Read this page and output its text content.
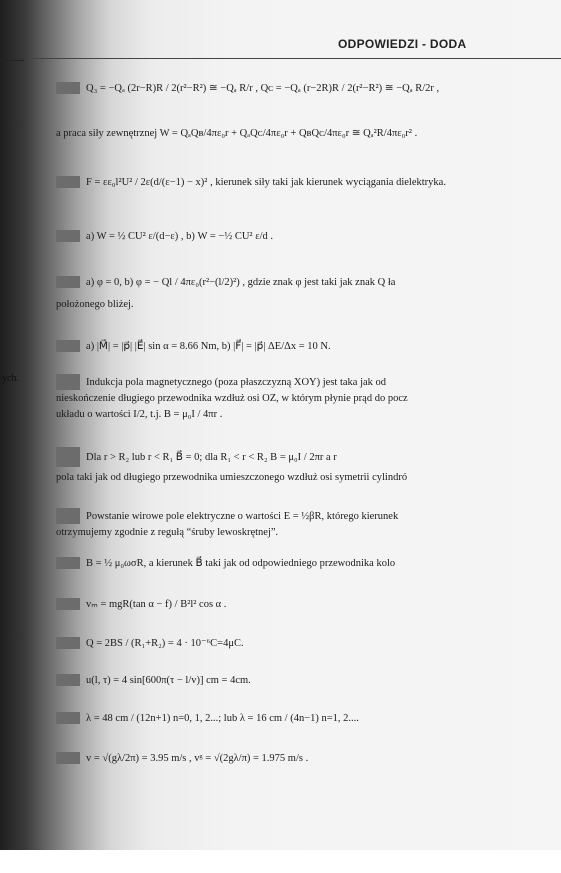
ODPOWIEDZI - DODA
ych.
2027 Q₃ = −Qₐ (2r−R)R / 2(r²−R²) ≅ −Qₐ R/r , Qᴄ = −Qₐ (r−2R)R / 2(r²−R²) ≅ −Qₐ R/2r ,
a praca siły zewnętrznej W = QₐQʙ/4πε₀r + QₐQᴄ/4πε₀r + QʙQᴄ/4πε₀r ≅ Qₐ²R/4πε₀r² .
2028 F = εε₀l²U² / 2ε(d/(ε−1) − x)² , kierunek siły taki jak kierunek wyciągania dielektryka.
2029 a) W = ½ CU² ε/(d−ε) , b) W = −½ CU² ε/d .
2030 a) φ = 0, b) φ = − Ql / 4πε₀(r²−(l/2)²) , gdzie znak φ jest taki jak znak Q ła
położonego bliżej.
2031 a) |M⃗| = |p⃗| |E⃗| sin α = 8.66 Nm, b) |F⃗| = |p⃗| ΔE/Δx = 10 N.
2032 Indukcja pola magnetycznego (poza płaszczyzną XOY) jest taka jak od
nieskończenie długiego przewodnika wzdłuż osi OZ, w którym płynie prąd do pocz
układu o wartości I/2, t.j. B = μ₀I / 4πr .
2033 Dla r > R₂ lub r < R₁ B⃗ = 0; dla R₁ < r < R₂ B = μ₀I / 2πr a r
pola taki jak od długiego przewodnika umieszczonego wzdłuż osi symetrii cylindró
2034 Powstanie wirowe pole elektryczne o wartości E = ½βR, którego kierunek
otrzymujemy zgodnie z regułą “śruby lewoskrętnej”.
2035 B = ½ μ₀ωσR, a kierunek B⃗ taki jak od odpowiedniego przewodnika kolo
2036 vₘ = mgR(tan α − f) / B²l² cos α .
2037 Q = 2BS / (R₁+R₂) = 4 · 10⁻⁶C=4μC.
2038 u(l, τ) = 4 sin[600π(τ − l/v)] cm = 4cm.
2039 λ = 48 cm / (12n+1) n=0, 1, 2...; lub λ = 16 cm / (4n−1) n=1, 2....
2040 v = √(gλ/2π) = 3.95 m/s , vᵍ = √(2gλ/π) = 1.975 m/s .
